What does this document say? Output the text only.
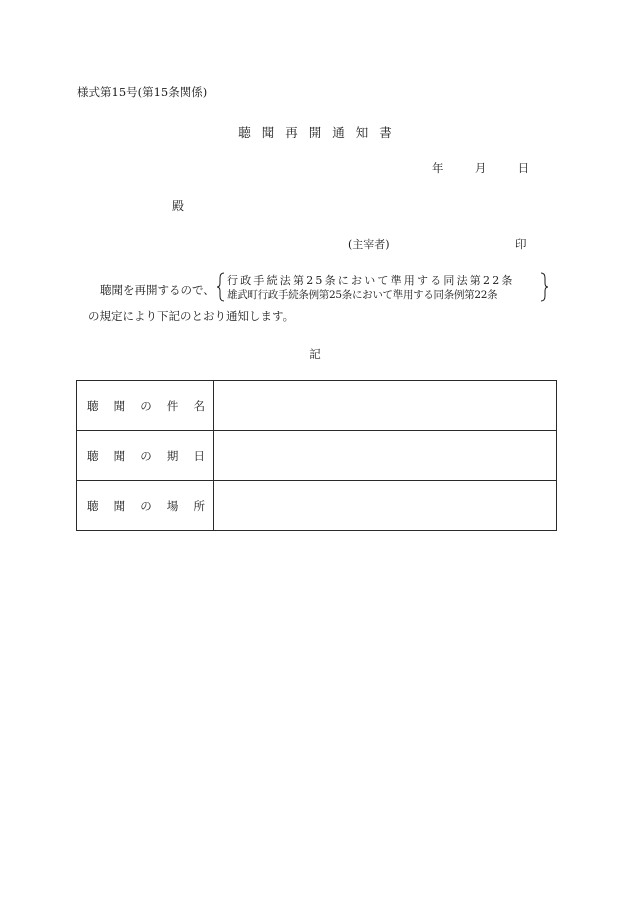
様式第15号(第15条関係)
聴聞再開通知書
年	月	日
殿
(主宰者)	印
聴聞を再開するので、
行政手続法第25条において準用する同法第22条
雄武町行政手続条例第25条において準用する同条例第22条
の規定により下記のとおり通知します。
記
聴 聞 の 件 名	

聴 聞 の 期 日	

聴 聞 の 場 所	
